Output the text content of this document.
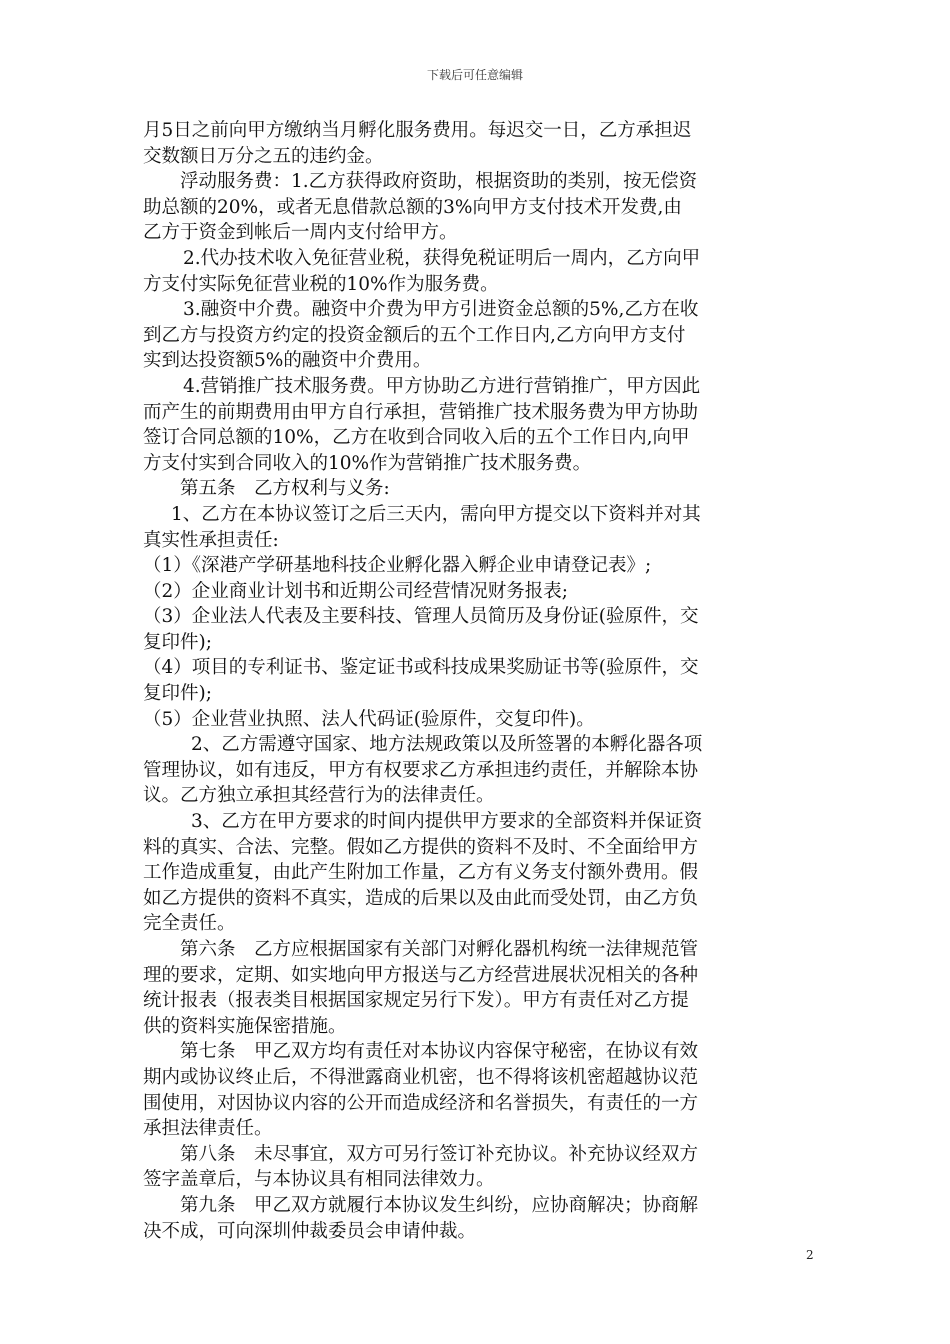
下载后可任意编辑
月5日之前向甲方缴纳当月孵化服务费用。每迟交一日，乙方承担迟
交数额日万分之五的违约金。
浮动服务费：1.乙方获得政府资助，根据资助的类别，按无偿资
助总额的20%，或者无息借款总额的3%向甲方支付技术开发费,由
乙方于资金到帐后一周内支付给甲方。
2.代办技术收入免征营业税，获得免税证明后一周内，乙方向甲
方支付实际免征营业税的10%作为服务费。
3.融资中介费。融资中介费为甲方引进资金总额的5%,乙方在收
到乙方与投资方约定的投资金额后的五个工作日内,乙方向甲方支付
实到达投资额5%的融资中介费用。
4.营销推广技术服务费。甲方协助乙方进行营销推广，甲方因此
而产生的前期费用由甲方自行承担，营销推广技术服务费为甲方协助
签订合同总额的10%，乙方在收到合同收入后的五个工作日内,向甲
方支付实到合同收入的10%作为营销推广技术服务费。
第五条　乙方权利与义务:
1、乙方在本协议签订之后三天内，需向甲方提交以下资料并对其
真实性承担责任:
（1）《深港产学研基地科技企业孵化器入孵企业申请登记表》;
（2）企业商业计划书和近期公司经营情况财务报表;
（3）企业法人代表及主要科技、管理人员简历及身份证(验原件，交
复印件);
（4）项目的专利证书、鉴定证书或科技成果奖励证书等(验原件，交
复印件);
（5）企业营业执照、法人代码证(验原件，交复印件)。
2、乙方需遵守国家、地方法规政策以及所签署的本孵化器各项
管理协议，如有违反，甲方有权要求乙方承担违约责任，并解除本协
议。乙方独立承担其经营行为的法律责任。
3、乙方在甲方要求的时间内提供甲方要求的全部资料并保证资
料的真实、合法、完整。假如乙方提供的资料不及时、不全面给甲方
工作造成重复，由此产生附加工作量，乙方有义务支付额外费用。假
如乙方提供的资料不真实，造成的后果以及由此而受处罚，由乙方负
完全责任。
第六条　乙方应根据国家有关部门对孵化器机构统一法律规范管
理的要求，定期、如实地向甲方报送与乙方经营进展状况相关的各种
统计报表（报表类目根据国家规定另行下发）。甲方有责任对乙方提
供的资料实施保密措施。
第七条　甲乙双方均有责任对本协议内容保守秘密，在协议有效
期内或协议终止后，不得泄露商业机密，也不得将该机密超越协议范
围使用，对因协议内容的公开而造成经济和名誉损失，有责任的一方
承担法律责任。
第八条　未尽事宜，双方可另行签订补充协议。补充协议经双方
签字盖章后，与本协议具有相同法律效力。
第九条　甲乙双方就履行本协议发生纠纷，应协商解决；协商解
决不成，可向深圳仲裁委员会申请仲裁。
2
